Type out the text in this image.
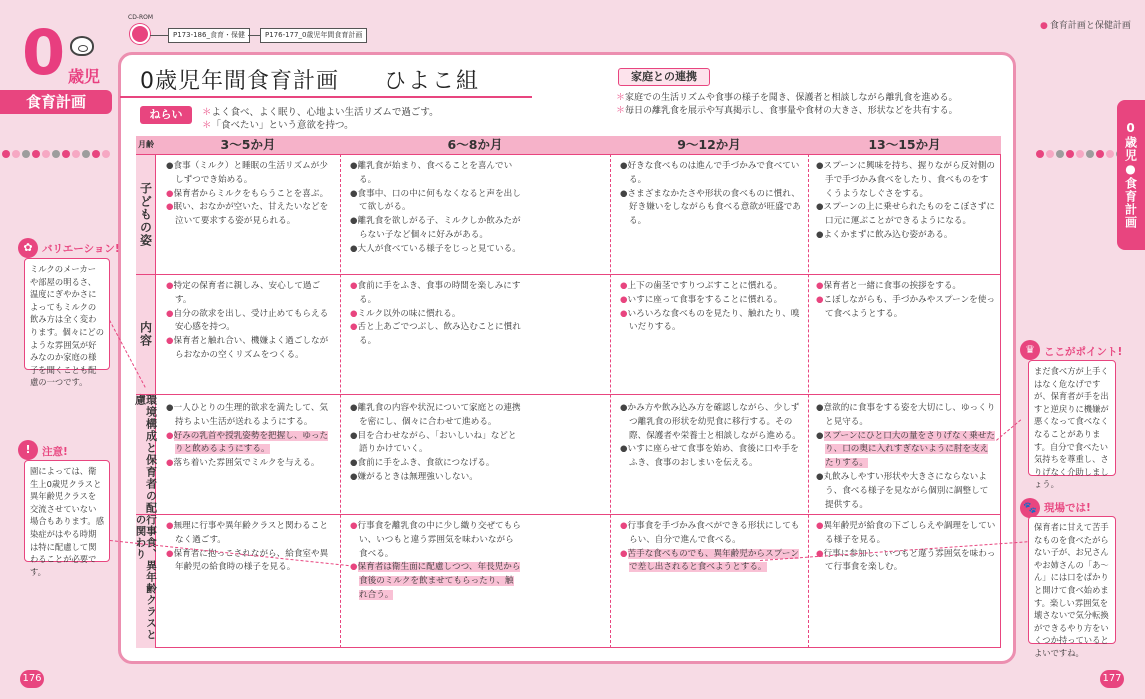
0 歳児
食育計画
CD-ROM
P173-186_食育・保健	P176-177_0歳児年間食育計画
● 食育計画と保健計画
0歳児●食育計画
0歳児年間食育計画 ひよこ組
ねらい
＊	よく食べ、よく眠り、心地よい生活リズムで過ごす。
＊ 「食べたい」という意欲を持つ。
家庭との連携
＊ 家庭での生活リズムや食事の様子を聞き、保護者と相談しながら離乳食を進める。
＊ 毎日の離乳食を展示や写真掲示し、食事量や食材の大きさ、形状などを共有する。
月齢	3〜5か月	6〜8か月	9〜12か月	13〜15か月
子どもの姿
内容
環境構成と保育者の配慮
行事食、異年齢クラスとの関わり

● 食事（ミルク）と睡眠の生活リズムが少しずつでき始める。

● 保育者からミルクをもらうことを喜ぶ。

● 眠い、おなかが空いた、甘えたいなどを泣いて要求する姿が見られる。

● 離乳食が始まり、食べることを喜んでいる。

● 食事中、口の中に何もなくなると声を出して欲しがる。

● 離乳食を欲しがる子、ミルクしか飲みたがらない子など個々に好みがある。

● 大人が食べている様子をじっと見ている。

● 好きな食べものは進んで手づかみで食べている。

● さまざまなかたさや形状の食べものに慣れ、好き嫌いをしながらも食べる意欲が旺盛である。

● スプーンに興味を持ち、握りながら反対側の手で手づかみ食べをしたり、食べものをすくうようなしぐさをする。

● スプーンの上に乗せられたものをこぼさずに口元に運ぶことができるようになる。

● よくかまずに飲み込む姿がある。

● 特定の保育者に親しみ、安心して過ごす。

● 自分の欲求を出し、受け止めてもらえる安心感を持つ。

● 保育者と触れ合い、機嫌よく過ごしながらおなかの空くリズムをつくる。

● 食前に手をふき、食事の時間を楽しみにする。

● ミルク以外の味に慣れる。

● 舌と上あごでつぶし、飲み込むことに慣れる。

● 上下の歯茎ですりつぶすことに慣れる。

● いすに座って食事をすることに慣れる。

● いろいろな食べものを見たり、触れたり、嗅いだりする。

● 保育者と一緒に食事の挨拶をする。

● こぼしながらも、手づかみやスプーンを使って食べようとする。

● 一人ひとりの生理的欲求を満たして、気持ちよい生活が送れるようにする。

● 好みの乳首や授乳姿勢を把握し、ゆったりと飲めるようにする。

● 落ち着いた雰囲気でミルクを与える。

● 離乳食の内容や状況について家庭との連携を密にし、個々に合わせて進める。

● 目を合わせながら、「おいしいね」などと語りかけていく。

● 食前に手をふき、食欲につなげる。

● 嫌がるときは無理強いしない。

● かみ方や飲み込み方を確認しながら、少しずつ離乳食の形状を幼児食に移行する。その際、保護者や栄養士と相談しながら進める。

● いすに座らせて食事を始め、食後に口や手をふき、食事のおしまいを伝える。

● 意欲的に食事をする姿を大切にし、ゆっくりと見守る。

● スプーンにひと口大の量をさりげなく乗せたり、口の奥に入れすぎないように肘を支えたりする。

● 丸飲みしやすい形状や大きさにならないよう、食べる様子を見ながら個別に調整して提供する。

● 無理に行事や異年齢クラスと関わることなく過ごす。

● 保育者に抱っこされながら、給食室や異年齢児の給食時の様子を見る。

● 行事食を離乳食の中に少し織り交ぜてもらい、いつもと違う雰囲気を味わいながら食べる。

● 保育者は衛生面に配慮しつつ、年長児から食後のミルクを飲ませてもらったり、触れ合う。

● 行事食を手づかみ食べができる形状にしてもらい、自分で進んで食べる。

● 苦手な食べものでも、異年齢児からスプーンで差し出されると食べようとする。

● 異年齢児が給食の下ごしらえや調理をしている様子を見る。

● 行事に参加し、いつもと違う雰囲気を味わって行事食を楽しむ。

✿ バリエーション!
ミルクのメーカーや部屋の明るさ、温度にぎやかさによってもミルクの飲み方は全く変わります。個々にどのような雰囲気が好みなのか家庭の様子を聞くことも配慮の一つです。
!	注意!
園によっては、衛生上0歳児クラスと異年齢児クラスを交流させていない場合もあります。感染症がはやる時期は特に配慮して関わることが必要です。
♛ ここがポイント!
まだ食べ方が上手くはなく危なげですが、保育者が手を出すと逆戻りに機嫌が悪くなって食べなくなることがあります。自分で食べたい気持ちを尊重し、さりげなく介助しましょう。
🐾 現場では!
保育者に甘えて苦手なものを食べたがらない子が、お兄さんやお姉さんの「あ〜ん」には口をぱかりと開けて食べ始めます。楽しい雰囲気を壊さないで気分転換ができるやり方をいくつか持っているとよいですね。
176	177
